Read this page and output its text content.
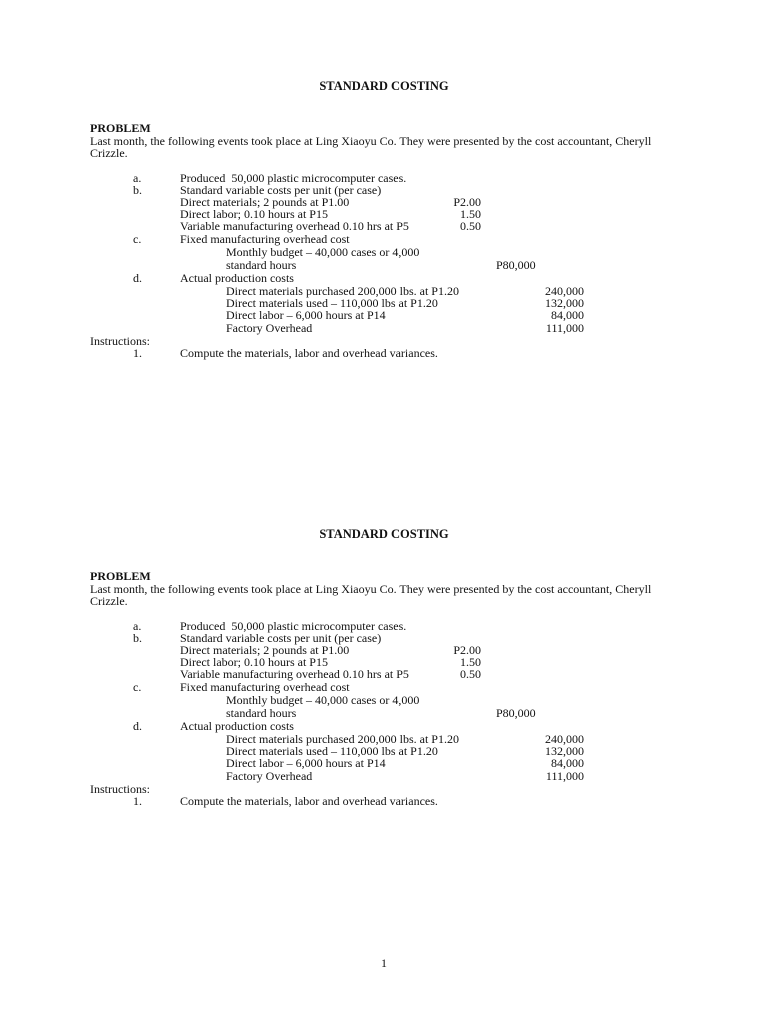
STANDARD COSTING
PROBLEM
Last month, the following events took place at Ling Xiaoyu Co. They were presented by the cost accountant, Cheryll
Crizzle.
a.	Produced  50,000 plastic microcomputer cases.
b.	Standard variable costs per unit (per case)
Direct materials; 2 pounds at P1.00	P2.00
Direct labor; 0.10 hours at P15	1.50
Variable manufacturing overhead 0.10 hrs at P5	0.50
c.	Fixed manufacturing overhead cost
Monthly budget – 40,000 cases or 4,000
standard hours	P80,000
d.	Actual production costs
Direct materials purchased 200,000 lbs. at P1.20	240,000
Direct materials used – 110,000 lbs at P1.20	132,000
Direct labor – 6,000 hours at P14	84,000
Factory Overhead	111,000
Instructions:
1.	Compute the materials, labor and overhead variances.
STANDARD COSTING
PROBLEM
Last month, the following events took place at Ling Xiaoyu Co. They were presented by the cost accountant, Cheryll
Crizzle.
a.	Produced  50,000 plastic microcomputer cases.
b.	Standard variable costs per unit (per case)
Direct materials; 2 pounds at P1.00	P2.00
Direct labor; 0.10 hours at P15	1.50
Variable manufacturing overhead 0.10 hrs at P5	0.50
c.	Fixed manufacturing overhead cost
Monthly budget – 40,000 cases or 4,000
standard hours	P80,000
d.	Actual production costs
Direct materials purchased 200,000 lbs. at P1.20	240,000
Direct materials used – 110,000 lbs at P1.20	132,000
Direct labor – 6,000 hours at P14	84,000
Factory Overhead	111,000
Instructions:
1.	Compute the materials, labor and overhead variances.
1
